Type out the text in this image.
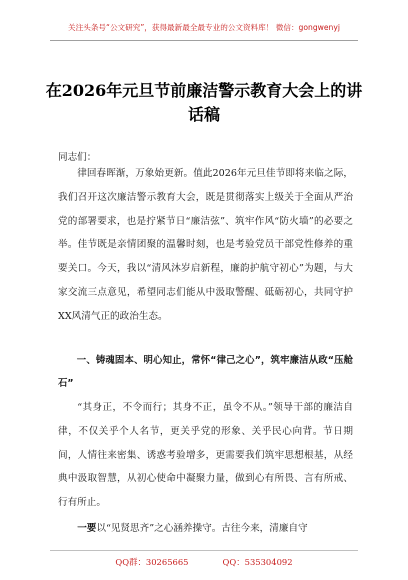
关注头条号“公文研究”，获得最新最全最专业的公文资料库！ 微信：gongwenyj
在2026年元旦节前廉洁警示教育大会上的讲话稿
同志们：

律回春晖渐，万象始更新。值此2026年元旦佳节即将来临之际，我们召开这次廉洁警示教育大会，既是贯彻落实上级关于全面从严治党的部署要求，也是拧紧节日“廉洁弦”、筑牢作风“防火墙”的必要之举。佳节既是亲情团聚的温馨时刻，也是考验党员干部党性修养的重要关口。今天，我以“清风沐岁启新程，廉韵护航守初心”为题，与大家交流三点意见，希望同志们能从中汲取警醒、砥砺初心，共同守护XX风清气正的政治生态。

一、铸魂固本、明心知止，常怀“律己之心”，筑牢廉洁从政“压舱石”

“其身正，不令而行；其身不正，虽令不从。”领导干部的廉洁自律，不仅关乎个人名节，更关乎党的形象、关乎民心向背。节日期间，人情往来密集、诱惑考验增多，更需要我们筑牢思想根基，从经典中汲取智慧，从初心使命中凝聚力量，做到心有所畏、言有所戒、行有所止。

一要以“见贤思齐”之心涵养操守。古往今来，清廉自守

QQ群：30265665	QQ：535304092
